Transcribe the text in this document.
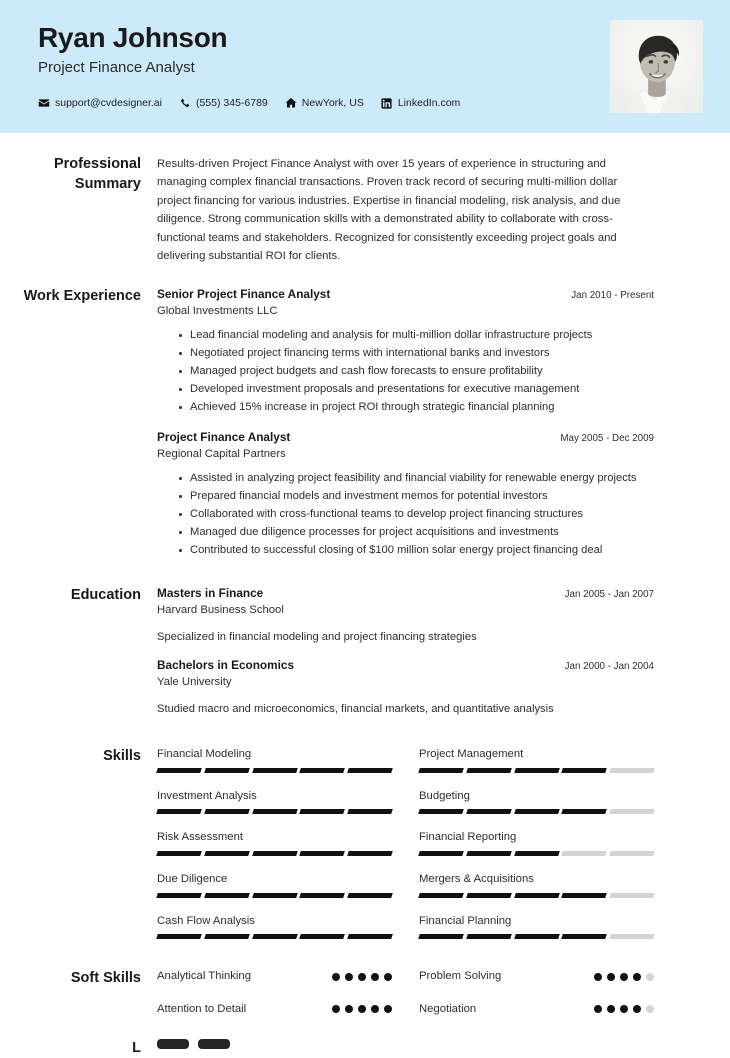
Ryan Johnson
Project Finance Analyst
support@cvdesigner.ai	(555) 345-6789	NewYork, US	LinkedIn.com
Professional Summary
Results-driven Project Finance Analyst with over 15 years of experience in structuring and managing complex financial transactions. Proven track record of securing multi-million dollar project financing for various industries. Expertise in financial modeling, risk analysis, and due diligence. Strong communication skills with a demonstrated ability to collaborate with cross-functional teams and stakeholders. Recognized for consistently exceeding project goals and delivering substantial ROI for clients.
Work Experience	Senior Project Finance Analyst	Jan 2010 - Present
Global Investments LLC
Lead financial modeling and analysis for multi-million dollar infrastructure projects
Negotiated project financing terms with international banks and investors
Managed project budgets and cash flow forecasts to ensure profitability
Developed investment proposals and presentations for executive management
Achieved 15% increase in project ROI through strategic financial planning
Project Finance Analyst	May 2005 - Dec 2009
Regional Capital Partners
Assisted in analyzing project feasibility and financial viability for renewable energy projects
Prepared financial models and investment memos for potential investors
Collaborated with cross-functional teams to develop project financing structures
Managed due diligence processes for project acquisitions and investments
Contributed to successful closing of $100 million solar energy project financing deal
Education	Masters in Finance	Jan 2005 - Jan 2007
Harvard Business School
Specialized in financial modeling and project financing strategies
Bachelors in Economics	Jan 2000 - Jan 2004
Yale University
Studied macro and microeconomics, financial markets, and quantitative analysis
Skills	Financial Modeling	Project Management
Investment Analysis	Budgeting
Risk Assessment	Financial Reporting
Due Diligence	Mergers & Acquisitions
Cash Flow Analysis	Financial Planning
Soft Skills	Analytical Thinking	Problem Solving
Attention to Detail	Negotiation
L
